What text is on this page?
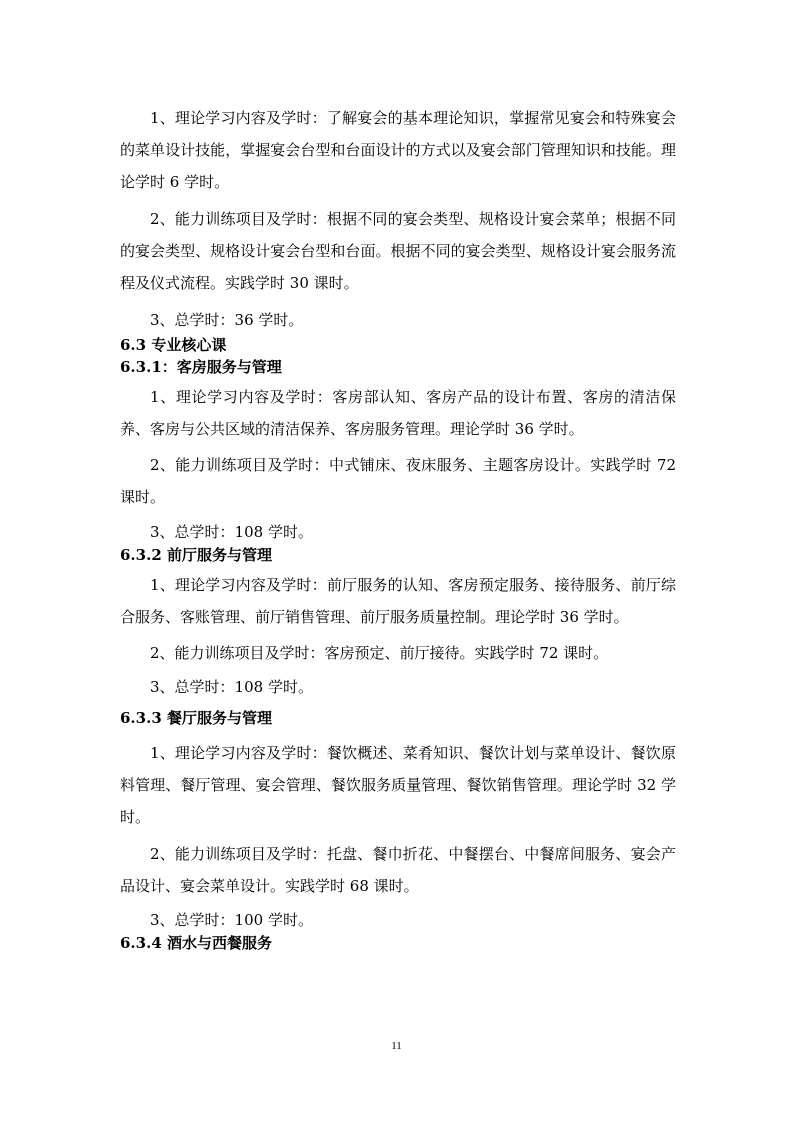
1、理论学习内容及学时：了解宴会的基本理论知识，掌握常见宴会和特殊宴会的菜单设计技能，掌握宴会台型和台面设计的方式以及宴会部门管理知识和技能。理论学时 6 学时。

2、能力训练项目及学时：根据不同的宴会类型、规格设计宴会菜单；根据不同的宴会类型、规格设计宴会台型和台面。根据不同的宴会类型、规格设计宴会服务流程及仪式流程。实践学时 30 课时。

3、总学时：36 学时。

6.3 专业核心课
6.3.1：客房服务与管理

1、理论学习内容及学时：客房部认知、客房产品的设计布置、客房的清洁保养、客房与公共区域的清洁保养、客房服务管理。理论学时 36 学时。

2、能力训练项目及学时：中式铺床、夜床服务、主题客房设计。实践学时 72 课时。

3、总学时：108 学时。

6.3.2 前厅服务与管理

1、理论学习内容及学时：前厅服务的认知、客房预定服务、接待服务、前厅综合服务、客账管理、前厅销售管理、前厅服务质量控制。理论学时 36 学时。

2、能力训练项目及学时：客房预定、前厅接待。实践学时 72 课时。

3、总学时：108 学时。

6.3.3 餐厅服务与管理

1、理论学习内容及学时：餐饮概述、菜肴知识、餐饮计划与菜单设计、餐饮原料管理、餐厅管理、宴会管理、餐饮服务质量管理、餐饮销售管理。理论学时 32 学时。

2、能力训练项目及学时：托盘、餐巾折花、中餐摆台、中餐席间服务、宴会产品设计、宴会菜单设计。实践学时 68 课时。

3、总学时：100 学时。

6.3.4 酒水与西餐服务
11
